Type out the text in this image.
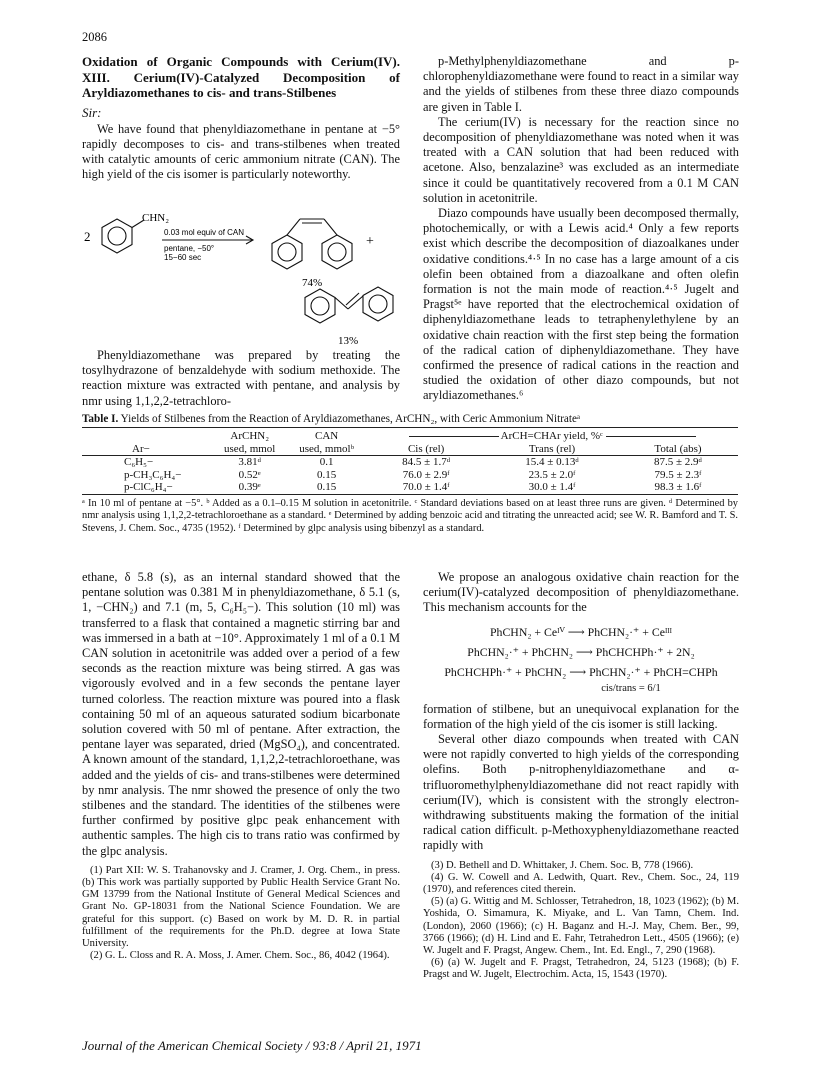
2086
Oxidation of Organic Compounds with Cerium(IV). XIII. Cerium(IV)-Catalyzed Decomposition of Aryldiazomethanes to cis- and trans-Stilbenes
Sir:

We have found that phenyldiazomethane in pentane at −5° rapidly decomposes to cis- and trans-stilbenes when treated with catalytic amounts of ceric ammonium nitrate (CAN). The high yield of the cis isomer is particularly noteworthy.

2
CHN₂
0.03 mol equiv of CAN
pentane, −50°
15−60 sec
+
74%
13%

Phenyldiazomethane was prepared by treating the tosylhydrazone of benzaldehyde with sodium methoxide. The reaction mixture was extracted with pentane, and analysis by nmr using 1,1,2,2-tetrachloro-

p-Methylphenyldiazomethane and p-chlorophenyldiazomethane were found to react in a similar way and the yields of stilbenes from these three diazo compounds are given in Table I.

The cerium(IV) is necessary for the reaction since no decomposition of phenyldiazomethane was noted when it was treated with a CAN solution that had been reduced with acetone. Also, benzalazine³ was excluded as an intermediate since it could be quantitatively recovered from a 0.1 M CAN solution in acetonitrile.

Diazo compounds have usually been decomposed thermally, photochemically, or with a Lewis acid.⁴ Only a few reports exist which describe the decomposition of diazoalkanes under oxidative conditions.⁴·⁵ In no case has a large amount of a cis olefin been obtained from a diazoalkane and often olefin formation is not the main mode of reaction.⁴·⁵ Jugelt and Pragst⁵ᵉ have reported that the electrochemical oxidation of diphenyldiazomethane leads to tetraphenylethylene by an oxidative chain reaction with the first step being the formation of the radical cation of diphenyldiazomethane. They have confirmed the presence of radical cations in the reaction and studied the oxidation of other diazo compounds, but not aryldiazomethanes.⁶

Table I. Yields of Stilbenes from the Reaction of Aryldiazomethanes, ArCHN₂, with Ceric Ammonium Nitrateᵃ
Ar−	ArCHN₂	CAN	ArCH=CHAr yield, %ᶜ		
	used, mmol	used, mmolᵇ	Cis (rel)	Trans (rel)	Total (abs)
C₆H₅−	3.81ᵈ	0.1	84.5 ± 1.7ᵈ	15.4 ± 0.13ᵈ	87.5 ± 2.9ᵈ
p-CH₃C₆H₄−	0.52ᵉ	0.15	76.0 ± 2.9ᶠ	23.5 ± 2.0ᶠ	79.5 ± 2.3ᶠ
p-ClC₆H₄−	0.39ᵉ	0.15	70.0 ± 1.4ᶠ	30.0 ± 1.4ᶠ	98.3 ± 1.6ᶠ
ᵃ In 10 ml of pentane at −5°. ᵇ Added as a 0.1–0.15 M solution in acetonitrile. ᶜ Standard deviations based on at least three runs are given. ᵈ Determined by nmr analysis using 1,1,2,2-tetrachloroethane as a standard. ᵉ Determined by adding benzoic acid and titrating the unreacted acid; see W. R. Bamford and T. S. Stevens, J. Chem. Soc., 4735 (1952). ᶠ Determined by glpc analysis using bibenzyl as a standard.

ethane, δ 5.8 (s), as an internal standard showed that the pentane solution was 0.381 M in phenyldiazomethane, δ 5.1 (s, 1, −CHN₂) and 7.1 (m, 5, C₆H₅−). This solution (10 ml) was transferred to a flask that contained a magnetic stirring bar and was immersed in a bath at −10°. Approximately 1 ml of a 0.1 M CAN solution in acetonitrile was added over a period of a few seconds as the reaction mixture was being stirred. A gas was vigorously evolved and in a few seconds the pentane layer turned colorless. The reaction mixture was poured into a flask containing 50 ml of an aqueous saturated sodium bicarbonate solution covered with 50 ml of pentane. After extraction, the pentane layer was separated, dried (MgSO₄), and concentrated. A known amount of the standard, 1,1,2,2-tetrachloroethane, was added and the yields of cis- and trans-stilbenes were determined by nmr analysis. The nmr showed the presence of only the two stilbenes and the standard. The identities of the stilbenes were further confirmed by positive glpc peak enhancement with authentic samples. The high cis to trans ratio was confirmed by the glpc analysis.

(1) Part XII: W. S. Trahanovsky and J. Cramer, J. Org. Chem., in press. (b) This work was partially supported by Public Health Service Grant No. GM 13799 from the National Institute of General Medical Sciences and Grant No. GP-18031 from the National Science Foundation. We are grateful for this support. (c) Based on work by M. D. R. in partial fulfillment of the requirements for the Ph.D. degree at Iowa State University.
(2) G. L. Closs and R. A. Moss, J. Amer. Chem. Soc., 86, 4042 (1964).

We propose an analogous oxidative chain reaction for the cerium(IV)-catalyzed decomposition of phenyldiazomethane. This mechanism accounts for the

PhCHN₂ + Ceᴵⱽ ⟶ PhCHN₂·⁺ + Ceᴵᴵᴵ
PhCHN₂·⁺ + PhCHN₂ ⟶ PhCHCHPh·⁺ + 2N₂
PhCHCHPh·⁺ + PhCHN₂ ⟶ PhCHN₂·⁺ + PhCH=CHPh
cis/trans = 6/1

formation of stilbene, but an unequivocal explanation for the formation of the high yield of the cis isomer is still lacking.

Several other diazo compounds when treated with CAN were not rapidly converted to high yields of the corresponding olefins. Both p-nitrophenyldiazomethane and α-trifluoromethylphenyldiazomethane did not react rapidly with cerium(IV), which is consistent with the strongly electron-withdrawing substituents making the formation of the initial radical cation difficult. p-Methoxyphenyldiazomethane reacted rapidly with

(3) D. Bethell and D. Whittaker, J. Chem. Soc. B, 778 (1966).
(4) G. W. Cowell and A. Ledwith, Quart. Rev., Chem. Soc., 24, 119 (1970), and references cited therein.
(5) (a) G. Wittig and M. Schlosser, Tetrahedron, 18, 1023 (1962); (b) M. Yoshida, O. Simamura, K. Miyake, and L. Van Tamn, Chem. Ind. (London), 2060 (1966); (c) H. Baganz and H.-J. May, Chem. Ber., 99, 3766 (1966); (d) H. Lind and E. Fahr, Tetrahedron Lett., 4505 (1966); (e) W. Jugelt and F. Pragst, Angew. Chem., Int. Ed. Engl., 7, 290 (1968).
(6) (a) W. Jugelt and F. Pragst, Tetrahedron, 24, 5123 (1968); (b) F. Pragst and W. Jugelt, Electrochim. Acta, 15, 1543 (1970).
Journal of the American Chemical Society / 93:8 / April 21, 1971
